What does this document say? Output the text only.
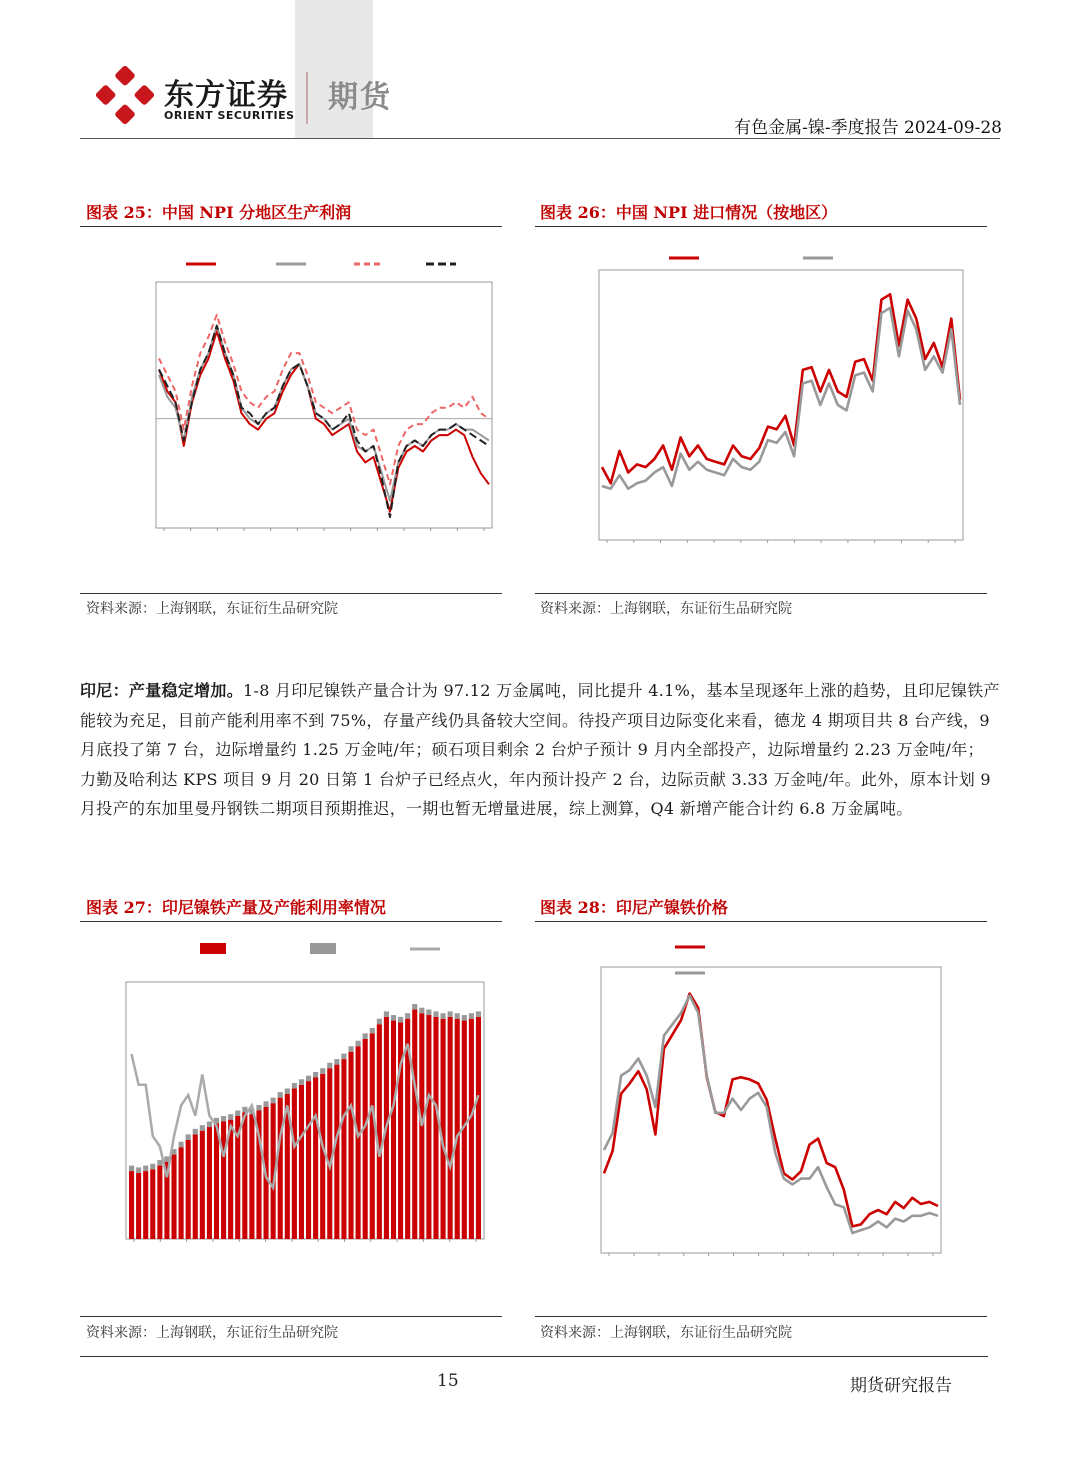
东方证券
ORIENT SECURITIES
期货
有色金属-镍-季度报告 2024-09-28
图表 25：中国 NPI 分地区生产利润	图表 26：中国 NPI 进口情况（按地区）
资料来源：上海钢联，东证衍生品研究院	资料来源：上海钢联，东证衍生品研究院
图表 27：印尼镍铁产量及产能利用率情况	图表 28：印尼产镍铁价格
资料来源：上海钢联，东证衍生品研究院	资料来源：上海钢联，东证衍生品研究院
印尼：产量稳定增加。1-8 月印尼镍铁产量合计为 97.12 万金属吨，同比提升 4.1%，基本呈现逐年上涨的趋势，且印尼镍铁产能较为充足，目前产能利用率不到 75%，存量产线仍具备较大空间。待投产项目边际变化来看，德龙 4 期项目共 8 台产线，9 月底投了第 7 台，边际增量约 1.25 万金吨/年；硕石项目剩余 2 台炉子预计 9 月内全部投产，边际增量约 2.23 万金吨/年；力勤及哈利达 KPS 项目 9 月 20 日第 1 台炉子已经点火，年内预计投产 2 台，边际贡献 3.33 万金吨/年。此外，原本计划 9 月投产的东加里曼丹钢铁二期项目预期推迟，一期也暂无增量进展，综上测算，Q4 新增产能合计约 6.8 万金属吨。
15	期货研究报告
